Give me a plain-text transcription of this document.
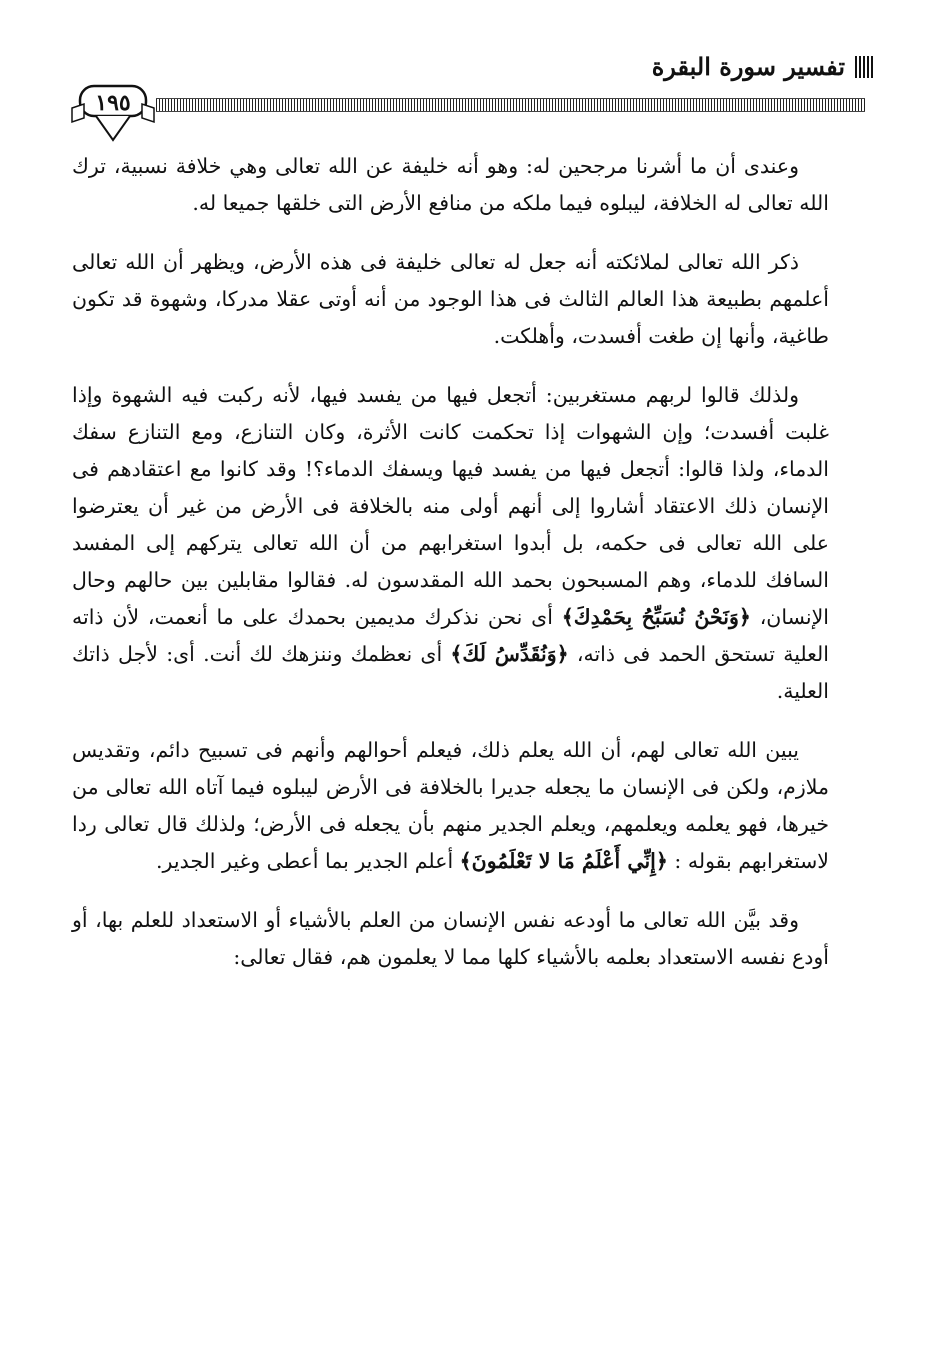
تفسير سورة البقرة
١٩٥

وعندى أن ما أشرنا مرجحين له: وهو أنه خليفة عن الله تعالى وهي خلافة نسبية، ترك الله تعالى له الخلافة، ليبلوه فيما ملكه من منافع الأرض التى خلقها جميعا له.

ذكر الله تعالى لملائكته أنه جعل له تعالى خليفة فى هذه الأرض، ويظهر أن الله تعالى أعلمهم بطبيعة هذا العالم الثالث فى هذا الوجود من أنه أوتى عقلا مدركا، وشهوة قد تكون طاغية، وأنها إن طغت أفسدت، وأهلكت.

ولذلك قالوا لربهم مستغربين: أتجعل فيها من يفسد فيها، لأنه ركبت فيه الشهوة وإذا غلبت أفسدت؛ وإن الشهوات إذا تحكمت كانت الأثرة، وكان التنازع، ومع التنازع سفك الدماء، ولذا قالوا: أتجعل فيها من يفسد فيها ويسفك الدماء؟! وقد كانوا مع اعتقادهم فى الإنسان ذلك الاعتقاد أشاروا إلى أنهم أولى منه بالخلافة فى الأرض من غير أن يعترضوا على الله تعالى فى حكمه، بل أبدوا استغرابهم من أن الله تعالى يتركهم إلى المفسد السافك للدماء، وهم المسبحون بحمد الله المقدسون له. فقالوا مقابلين بين حالهم وحال الإنسان، ﴿وَنَحْنُ نُسَبِّحُ بِحَمْدِكَ﴾ أى نحن نذكرك مديمين بحمدك على ما أنعمت، لأن ذاته العلية تستحق الحمد فى ذاته، ﴿وَنُقَدِّسُ لَكَ﴾ أى نعظمك وننزهك لك أنت. أى: لأجل ذاتك العلية.

يبين الله تعالى لهم، أن الله يعلم ذلك، فيعلم أحوالهم وأنهم فى تسبيح دائم، وتقديس ملازم، ولكن فى الإنسان ما يجعله جديرا بالخلافة فى الأرض ليبلوه فيما آتاه الله تعالى من خيرها، فهو يعلمه ويعلمهم، ويعلم الجدير منهم بأن يجعله فى الأرض؛ ولذلك قال تعالى ردا لاستغرابهم بقوله : ﴿إِنِّي أَعْلَمُ مَا لا تَعْلَمُونَ﴾ أعلم الجدير بما أعطى وغير الجدير.

وقد بيَّن الله تعالى ما أودعه نفس الإنسان من العلم بالأشياء أو الاستعداد للعلم بها، أو أودع نفسه الاستعداد بعلمه بالأشياء كلها مما لا يعلمون هم، فقال تعالى:
